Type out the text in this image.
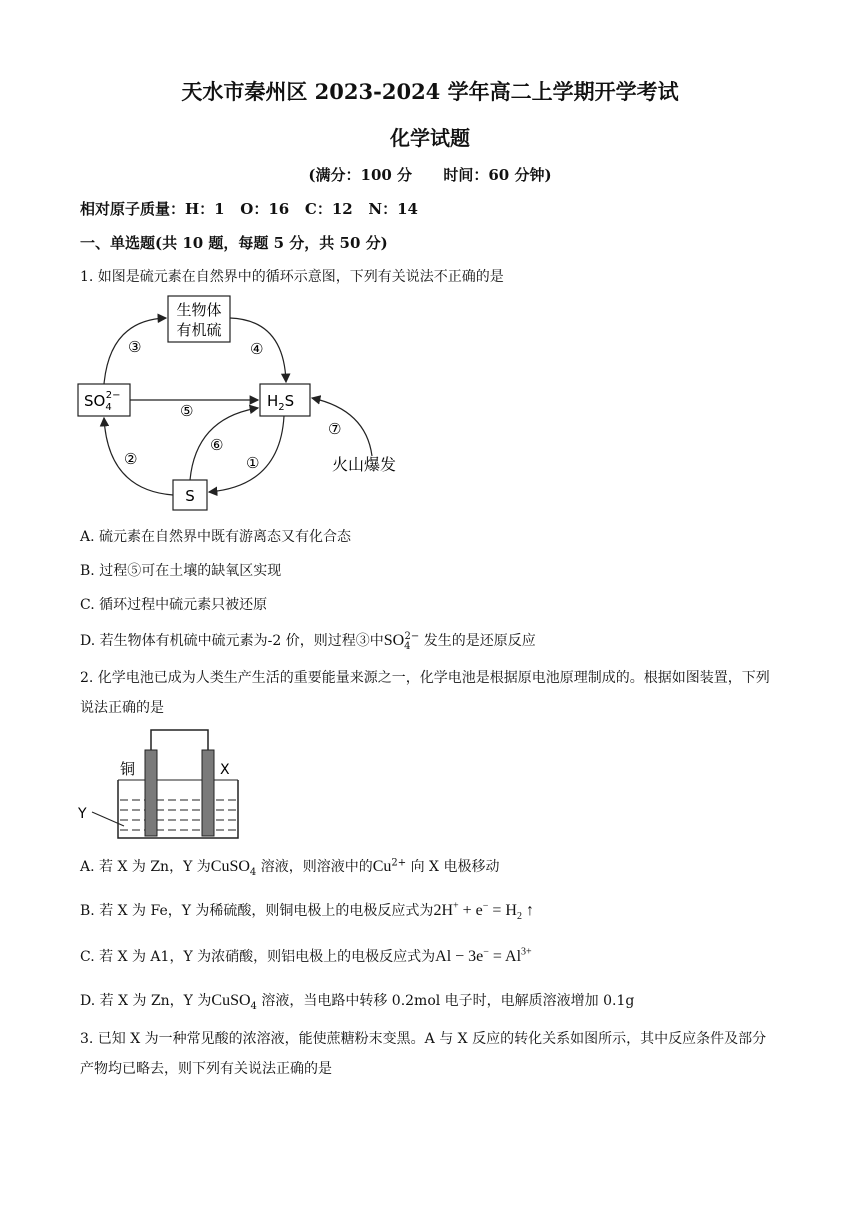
天水市秦州区 2023-2024 学年高二上学期开学考试
化学试题
(满分：100 分      时间：60 分钟)
相对原子质量：H：1   O：16   C：12   N：14
一、单选题(共 10 题，每题 5 分，共 50 分)
1. 如图是硫元素在自然界中的循环示意图，下列有关说法不正确的是
生物体
有机硫
$SO_42-$	$H_2S$
S
③	④
⑤
②
⑥
①
⑦
火山爆发
A. 硫元素在自然界中既有游离态又有化合态
B. 过程⑤可在土壤的缺氧区实现
C. 循环过程中硫元素只被还原
D. 若生物体有机硫中硫元素为-2 价，则过程③中$SO_4^{2-}$ 发生的是还原反应
2. 化学电池已成为人类生产生活的重要能量来源之一，化学电池是根据原电池原理制成的。根据如图装置，下列说法正确的是
铜	X
Y
A. 若 X 为 Zn，Y 为CuSO$_4$ 溶液，则溶液中的$Cu^{2+}$ 向 X 电极移动
B. 若 X 为 Fe，Y 为稀硫酸，则铜电极上的电极反应式为$2H^+ + e^- = H_2$ ↑
C. 若 X 为 A1，Y 为浓硝酸，则铝电极上的电极反应式为$Al - 3e^- = Al^{3+}$
D. 若 X 为 Zn，Y 为CuSO$_4$ 溶液，当电路中转移 0.2mol 电子时，电解质溶液增加 0.1g
3. 已知 X 为一种常见酸的浓溶液，能使蔗糖粉末变黑。A 与 X 反应的转化关系如图所示，其中反应条件及部分产物均已略去，则下列有关说法正确的是
